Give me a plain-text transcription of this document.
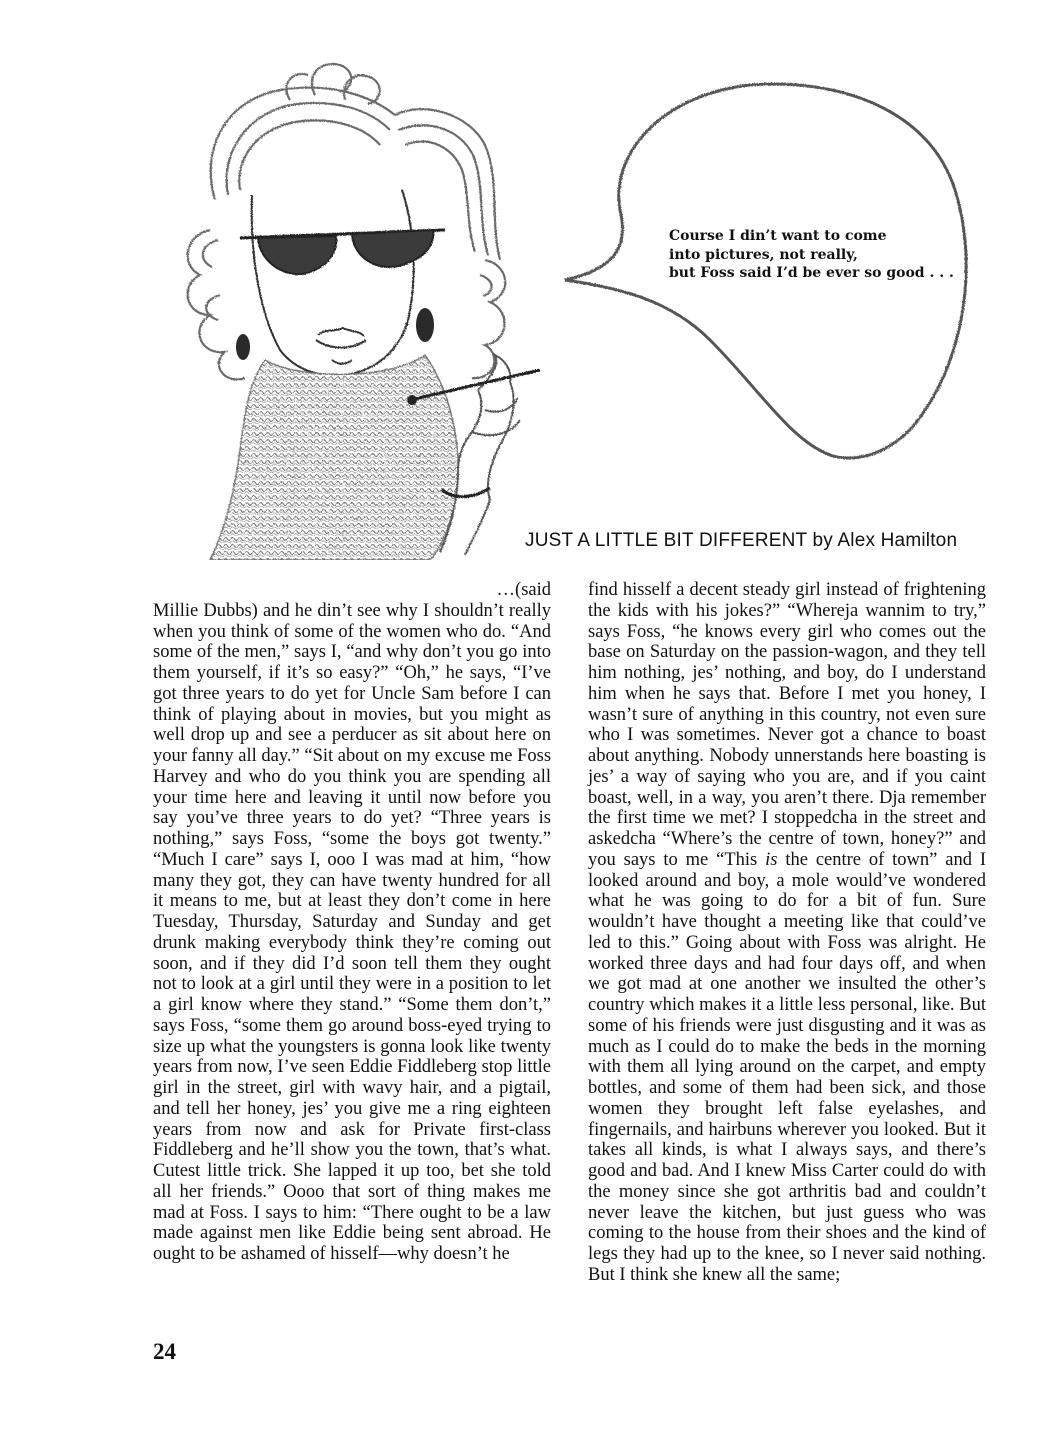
Course I din’t want to come
into pictures, not really,
but Foss said I’d be ever so good . . .
JUST A LITTLE BIT DIFFERENT by Alex Hamilton
…(said

Millie Dubbs) and he din’t see why I shouldn’t really when you think of some of the women who do. “And some of the men,” says I, “and why don’t you go into them yourself, if it’s so easy?” “Oh,” he says, “I’ve got three years to do yet for Uncle Sam before I can think of playing about in movies, but you might as well drop up and see a perducer as sit about here on your fanny all day.” “Sit about on my excuse me Foss Harvey and who do you think you are spending all your time here and leaving it until now before you say you’ve three years to do yet? “Three years is nothing,” says Foss, “some the boys got twenty.” “Much I care” says I, ooo I was mad at him, “how many they got, they can have twenty hundred for all it means to me, but at least they don’t come in here Tuesday, Thursday, Saturday and Sunday and get drunk making everybody think they’re coming out soon, and if they did I’d soon tell them they ought not to look at a girl until they were in a position to let a girl know where they stand.” “Some them don’t,” says Foss, “some them go around boss-eyed trying to size up what the youngsters is gonna look like twenty years from now, I’ve seen Eddie Fiddleberg stop little girl in the street, girl with wavy hair, and a pigtail, and tell her honey, jes’ you give me a ring eighteen years from now and ask for Private first-class Fiddleberg and he’ll show you the town, that’s what. Cutest little trick. She lapped it up too, bet she told all her friends.” Oooo that sort of thing makes me mad at Foss. I says to him: “There ought to be a law made against men like Eddie being sent abroad. He ought to be ashamed of hisself—why doesn’t he

find hisself a decent steady girl instead of frightening the kids with his jokes?” “Whereja wannim to try,” says Foss, “he knows every girl who comes out the base on Saturday on the passion-wagon, and they tell him nothing, jes’ nothing, and boy, do I understand him when he says that. Before I met you honey, I wasn’t sure of anything in this country, not even sure who I was sometimes. Never got a chance to boast about anything. Nobody unnerstands here boasting is jes’ a way of saying who you are, and if you caint boast, well, in a way, you aren’t there. Dja remember the first time we met? I stoppedcha in the street and askedcha “Where’s the centre of town, honey?” and you says to me “This is the centre of town” and I looked around and boy, a mole would’ve wondered what he was going to do for a bit of fun. Sure wouldn’t have thought a meeting like that could’ve led to this.” Going about with Foss was alright. He worked three days and had four days off, and when we got mad at one another we insulted the other’s country which makes it a little less personal, like. But some of his friends were just disgusting and it was as much as I could do to make the beds in the morning with them all lying around on the carpet, and empty bottles, and some of them had been sick, and those women they brought left false eyelashes, and fingernails, and hairbuns wherever you looked. But it takes all kinds, is what I always says, and there’s good and bad. And I knew Miss Carter could do with the money since she got arthritis bad and couldn’t never leave the kitchen, but just guess who was coming to the house from their shoes and the kind of legs they had up to the knee, so I never said nothing. But I think she knew all the same;

24
